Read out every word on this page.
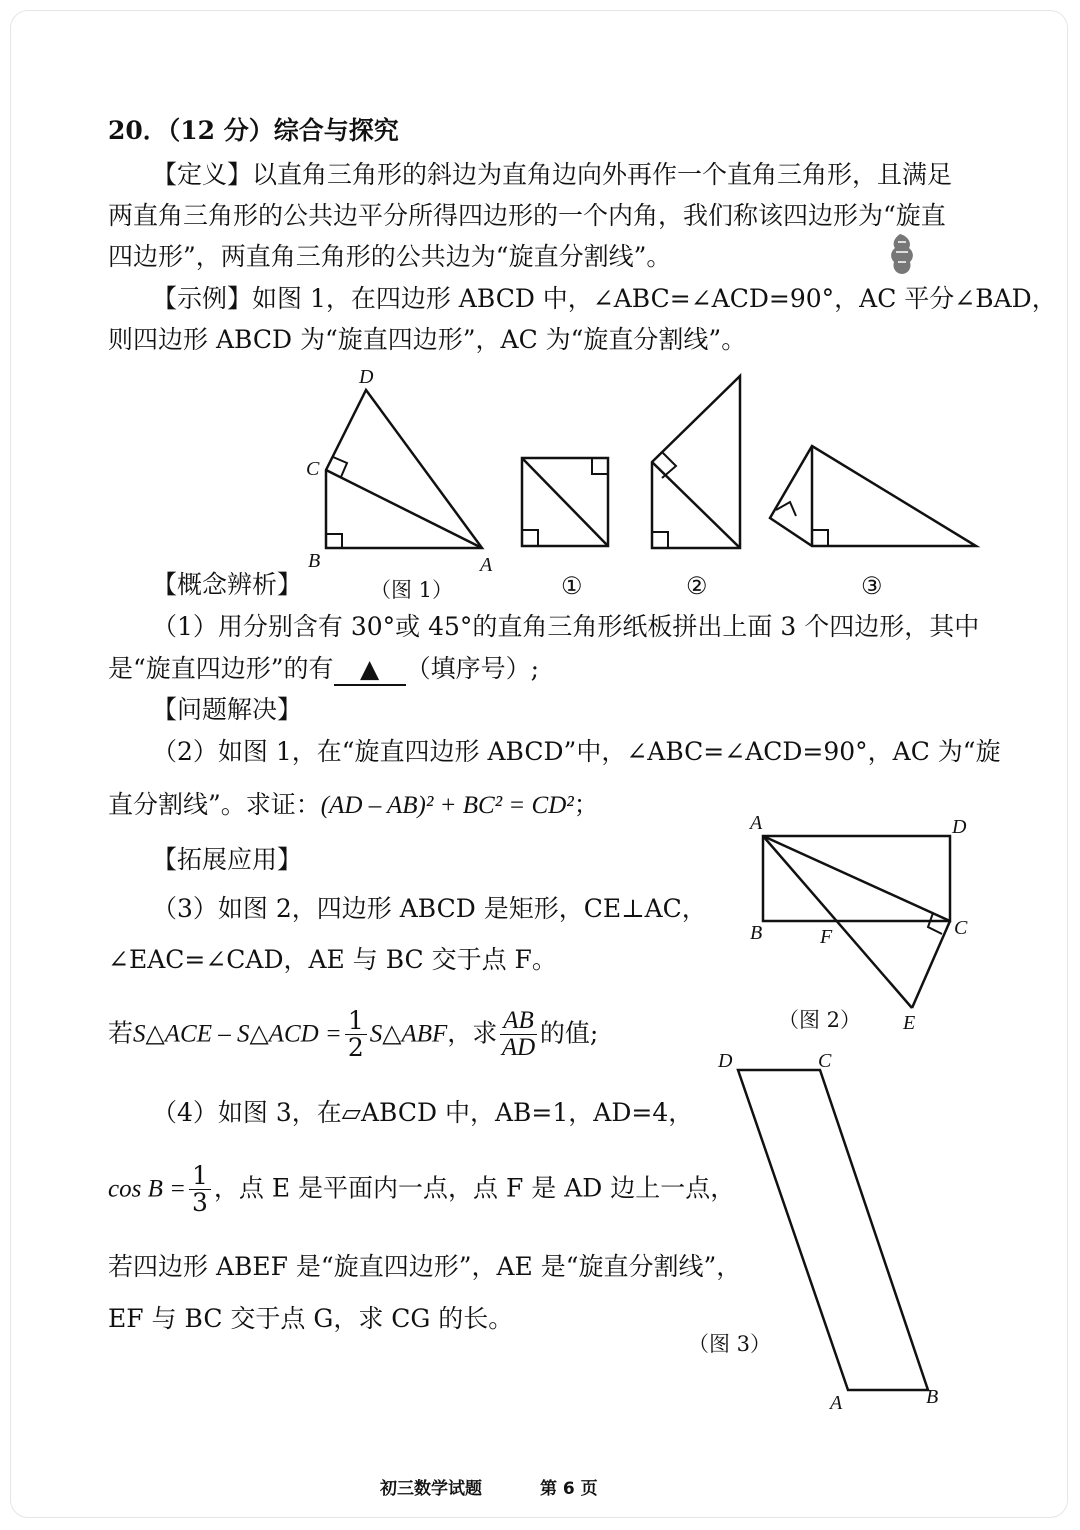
20．（12 分）综合与探究
【定义】以直角三角形的斜边为直角边向外再作一个直角三角形，且满足
两直角三角形的公共边平分所得四边形的一个内角，我们称该四边形为“旋直
四边形”，两直角三角形的公共边为“旋直分割线”。
【示例】如图 1，在四边形 ABCD 中，∠ABC=∠ACD=90°，AC 平分∠BAD，
则四边形 ABCD 为“旋直四边形”，AC 为“旋直分割线”。
【概念辨析】
（1）用分别含有 30°或 45°的直角三角形纸板拼出上面 3 个四边形，其中
是“旋直四边形”的有 ▲ （填序号）;
【问题解决】
（2）如图 1，在“旋直四边形 ABCD”中，∠ABC=∠ACD=90°，AC 为“旋
直分割线”。求证：(AD – AB)² + BC² = CD²；
【拓展应用】
（3）如图 2，四边形 ABCD 是矩形，CE⊥AC，
∠EAC=∠CAD，AE 与 BC 交于点 F。
若S△ACE – S△ACD = $\frac{1}{2}$ S△ABF，求 $\frac{AB}{AD}$ 的值;
（4）如图 3，在▱ABCD 中，AB=1，AD=4，
$\cos B = \frac{1}{3}$ ，点 E 是平面内一点，点 F 是 AD 边上一点，
若四边形 ABEF 是“旋直四边形”，AE 是“旋直分割线”，
EF 与 BC 交于点 G，求 CG 的长。
D
C
B	A
（图 1）	①	②	③
A	D
B	F	C
E
（图 2）
D	C
A	B
（图 3）
初三数学试题	第 6 页
